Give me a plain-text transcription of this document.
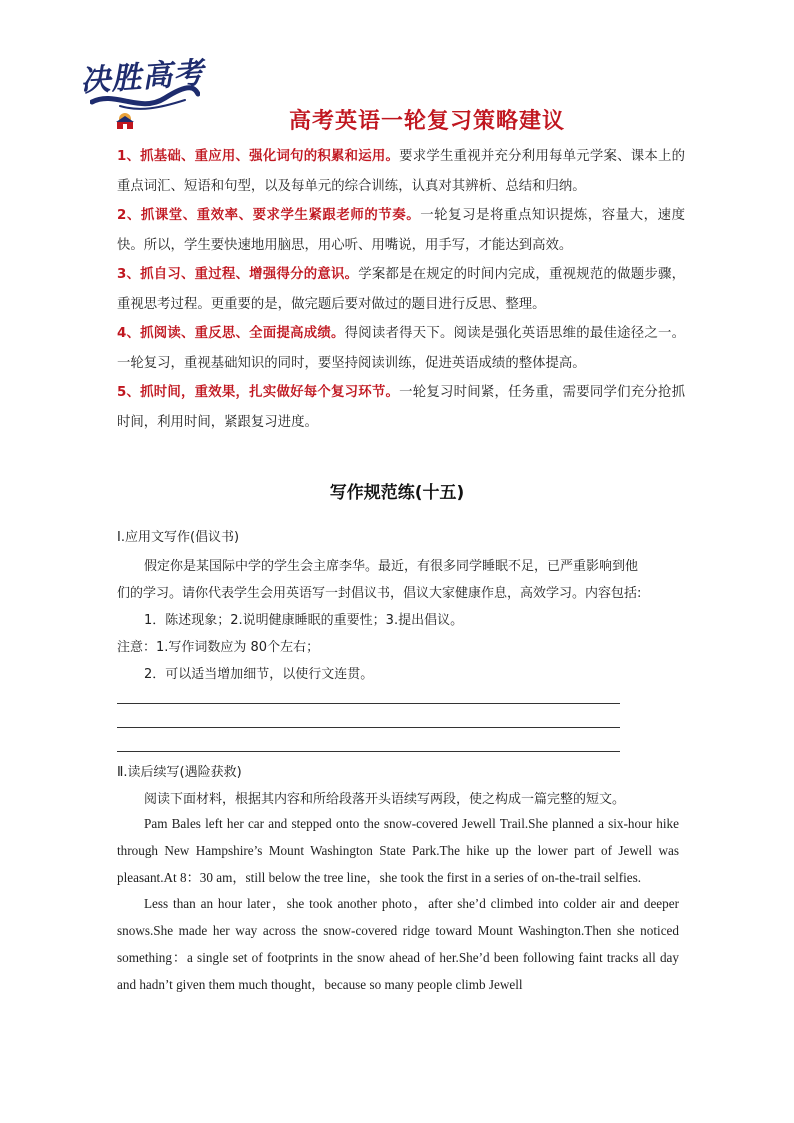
决胜高考
高考英语一轮复习策略建议

1、抓基础、重应用、强化词句的积累和运用。要求学生重视并充分利用每单元学案、课本上的重点词汇、短语和句型，以及每单元的综合训练，认真对其辨析、总结和归纳。

2、抓课堂、重效率、要求学生紧跟老师的节奏。一轮复习是将重点知识提炼，容量大，速度快。所以，学生要快速地用脑思，用心听、用嘴说，用手写，才能达到高效。

3、抓自习、重过程、增强得分的意识。学案都是在规定的时间内完成，重视规范的做题步骤，重视思考过程。更重要的是，做完题后要对做过的题目进行反思、整理。

4、抓阅读、重反思、全面提高成绩。得阅读者得天下。阅读是强化英语思维的最佳途径之一。一轮复习，重视基础知识的同时，要坚持阅读训练，促进英语成绩的整体提高。

5、抓时间，重效果，扎实做好每个复习环节。一轮复习时间紧，任务重，需要同学们充分抢抓时间，利用时间，紧跟复习进度。

写作规范练(十五)

Ⅰ.应用文写作(倡议书)

假定你是某国际中学的学生会主席李华。最近，有很多同学睡眠不足，已严重影响到他

们的学习。请你代表学生会用英语写一封倡议书，倡议大家健康作息，高效学习。内容包括:

1．陈述现象；2.说明健康睡眠的重要性；3.提出倡议。

注意：1.写作词数应为 80个左右；

2．可以适当增加细节，以使行文连贯。

Ⅱ.读后续写(遇险获救)

阅读下面材料，根据其内容和所给段落开头语续写两段，使之构成一篇完整的短文。

Pam Bales left her car and stepped onto the snow-covered Jewell Trail.She planned a six-hour hike through New Hampshire’s Mount Washington State Park.The hike up the lower part of Jewell was pleasant.At 8：30 am，still below the tree line，she took the first in a series of on-the-trail selfies.

Less than an hour later，she took another photo，after she’d climbed into colder air and deeper snows.She made her way across the snow-covered ridge toward Mount Washington.Then she noticed something：a single set of footprints in the snow ahead of her.She’d been following faint tracks all day and hadn’t given them much thought，because so many people climb Jewell
